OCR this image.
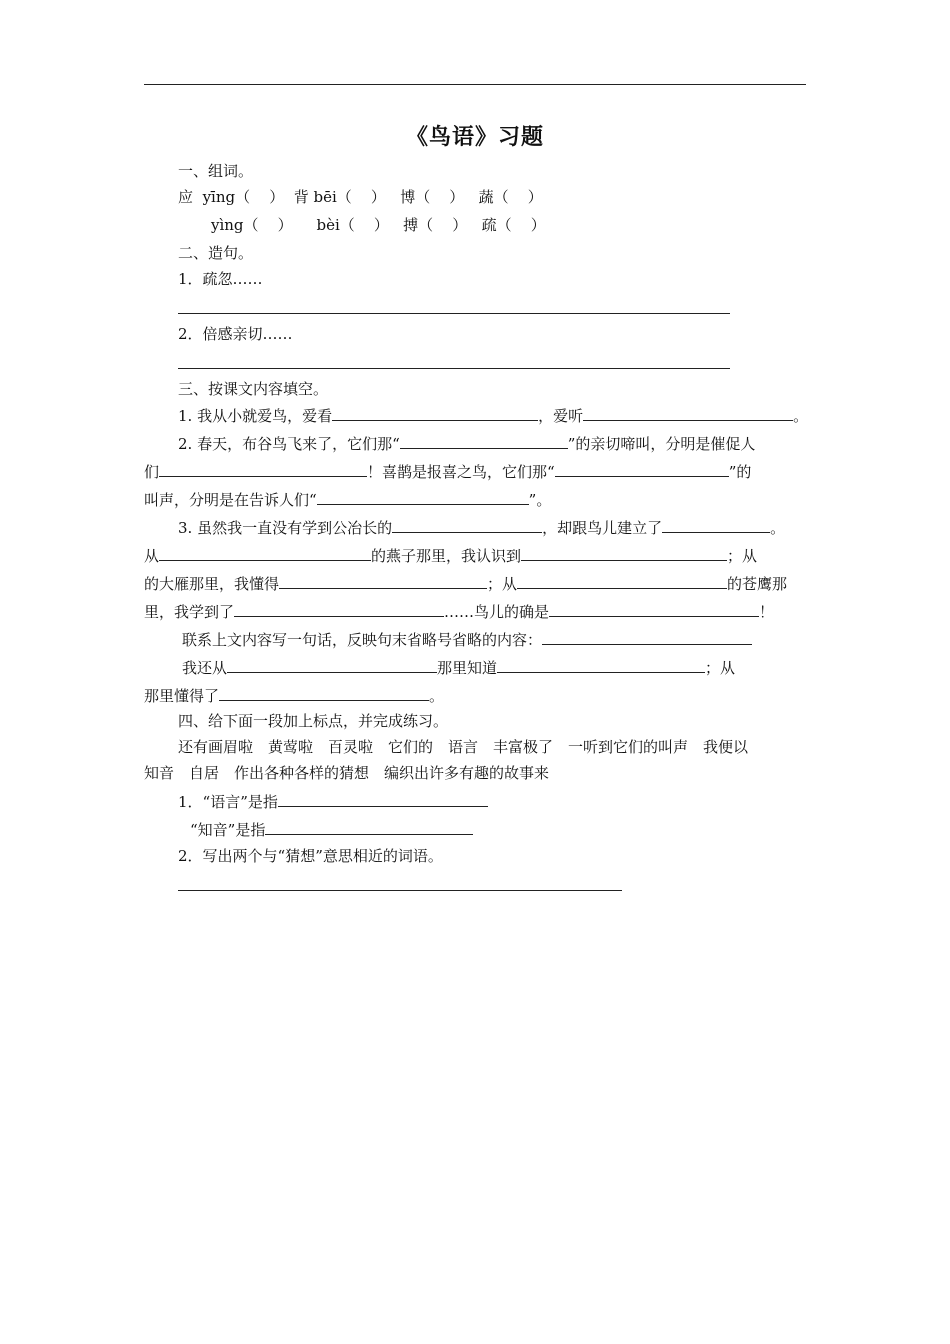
《鸟语》习题
一、组词。
应 yīng（ ） 背 bēi（ ） 博（ ） 蔬（ ）
yìng（ ） bèi（ ） 搏（ ） 疏（ ）
二、造句。
1．疏忽……
2．倍感亲切……
三、按课文内容填空。
1. 我从小就爱鸟，爱看	，爱听	。
2. 春天，布谷鸟飞来了，它们那“	”的亲切啼叫，分明是催促人
们	！喜鹊是报喜之鸟，它们那“	”的
叫声，分明是在告诉人们“	”。
3. 虽然我一直没有学到公冶长的	，却跟鸟儿建立了	。
从	的燕子那里，我认识到	；从
的大雁那里，我懂得	；从	的苍鹰那
里，我学到了	……鸟儿的确是	！
联系上文内容写一句话，反映句末省略号省略的内容：
我还从	那里知道	；从
那里懂得了	。
四、给下面一段加上标点，并完成练习。
还有画眉啦　黄莺啦　百灵啦　它们的　语言　丰富极了　一听到它们的叫声　我便以
知音　自居　作出各种各样的猜想　编织出许多有趣的故事来
1．“语言”是指
“知音”是指
2．写出两个与“猜想”意思相近的词语。
